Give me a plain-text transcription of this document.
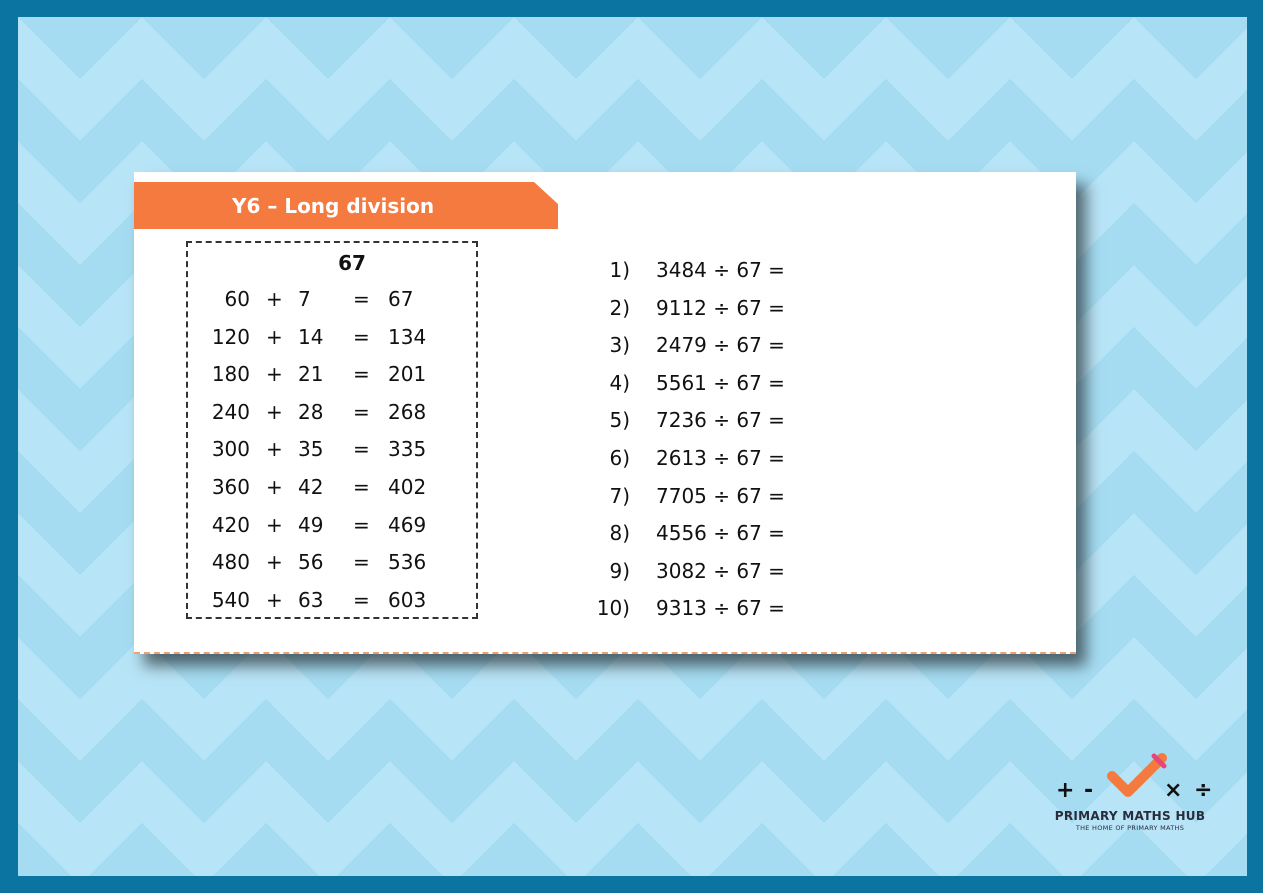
Y6 – Long division
67
60 + 7 = 67
120 + 14 = 134
180 + 21 = 201
240 + 28 = 268
300 + 35 = 335
360 + 42 = 402
420 + 49 = 469
480 + 56 = 536
540 + 63 = 603
1) 3484 ÷ 67 =
2) 9112 ÷ 67 =
3) 2479 ÷ 67 =
4) 5561 ÷ 67 =
5) 7236 ÷ 67 =
6) 2613 ÷ 67 =
7) 7705 ÷ 67 =
8) 4556 ÷ 67 =
9) 3082 ÷ 67 =
10) 9313 ÷ 67 =
+ -	× ÷
PRIMARY MATHS HUB
THE HOME OF PRIMARY MATHS
